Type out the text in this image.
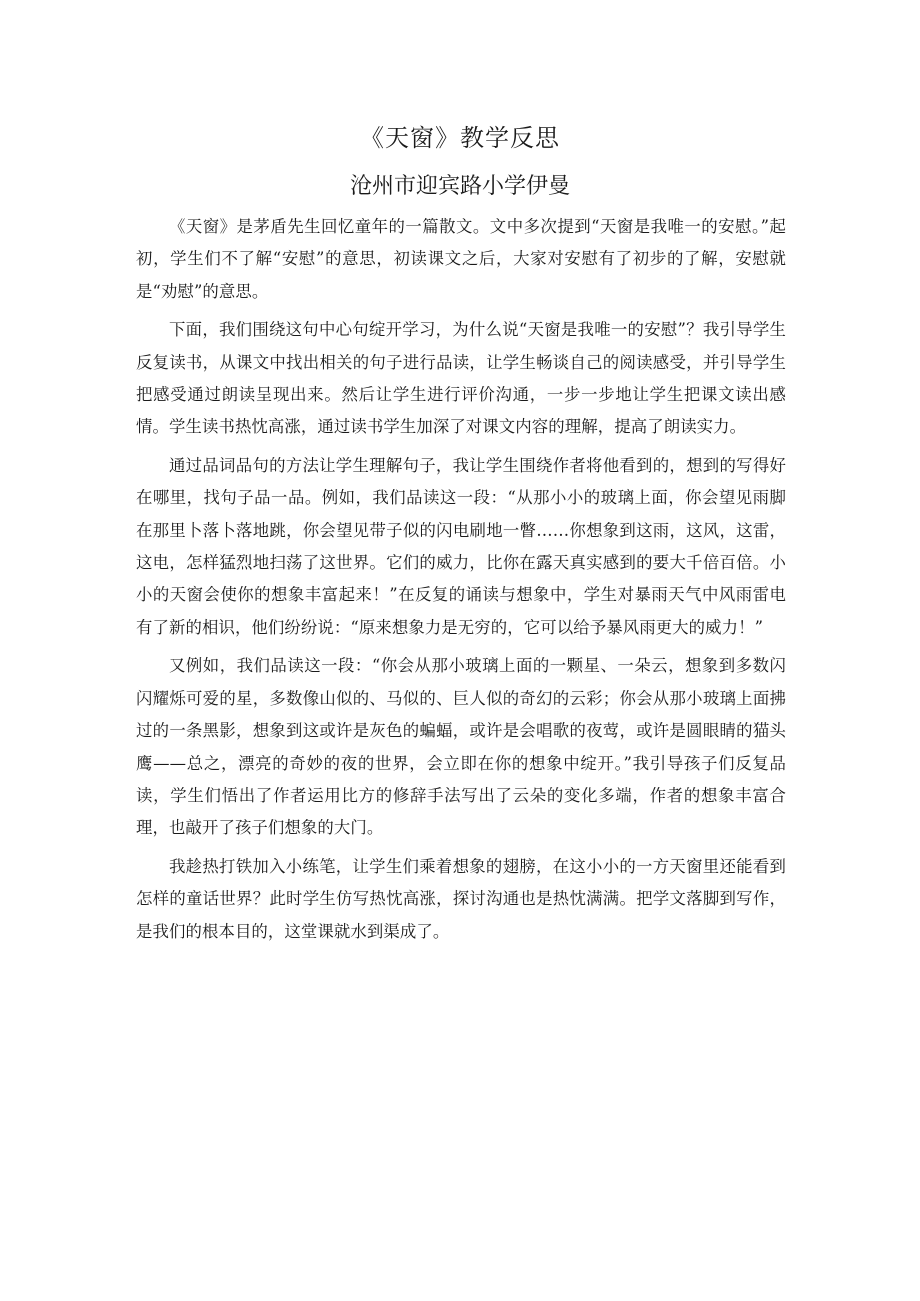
《天窗》教学反思
沧州市迎宾路小学伊曼

《天窗》是茅盾先生回忆童年的一篇散文。文中多次提到“天窗是我唯一的安慰。”起初，学生们不了解“安慰”的意思，初读课文之后，大家对安慰有了初步的了解，安慰就是“劝慰”的意思。

下面，我们围绕这句中心句绽开学习，为什么说“天窗是我唯一的安慰”？我引导学生反复读书，从课文中找出相关的句子进行品读，让学生畅谈自己的阅读感受，并引导学生把感受通过朗读呈现出来。然后让学生进行评价沟通，一步一步地让学生把课文读出感情。学生读书热忱高涨，通过读书学生加深了对课文内容的理解，提高了朗读实力。

通过品词品句的方法让学生理解句子，我让学生围绕作者将他看到的，想到的写得好在哪里，找句子品一品。例如，我们品读这一段：“从那小小的玻璃上面，你会望见雨脚在那里卜落卜落地跳，你会望见带子似的闪电刷地一瞥……你想象到这雨，这风，这雷，这电，怎样猛烈地扫荡了这世界。它们的威力，比你在露天真实感到的要大千倍百倍。小小的天窗会使你的想象丰富起来！”在反复的诵读与想象中，学生对暴雨天气中风雨雷电有了新的相识，他们纷纷说：“原来想象力是无穷的，它可以给予暴风雨更大的威力！”

又例如，我们品读这一段：“你会从那小玻璃上面的一颗星、一朵云，想象到多数闪闪耀烁可爱的星，多数像山似的、马似的、巨人似的奇幻的云彩；你会从那小玻璃上面拂过的一条黑影，想象到这或许是灰色的蝙蝠，或许是会唱歌的夜莺，或许是圆眼睛的猫头鹰——总之，漂亮的奇妙的夜的世界，会立即在你的想象中绽开。”我引导孩子们反复品读，学生们悟出了作者运用比方的修辞手法写出了云朵的变化多端，作者的想象丰富合理，也敲开了孩子们想象的大门。

我趁热打铁加入小练笔，让学生们乘着想象的翅膀，在这小小的一方天窗里还能看到怎样的童话世界？此时学生仿写热忱高涨，探讨沟通也是热忱满满。把学文落脚到写作，是我们的根本目的，这堂课就水到渠成了。
